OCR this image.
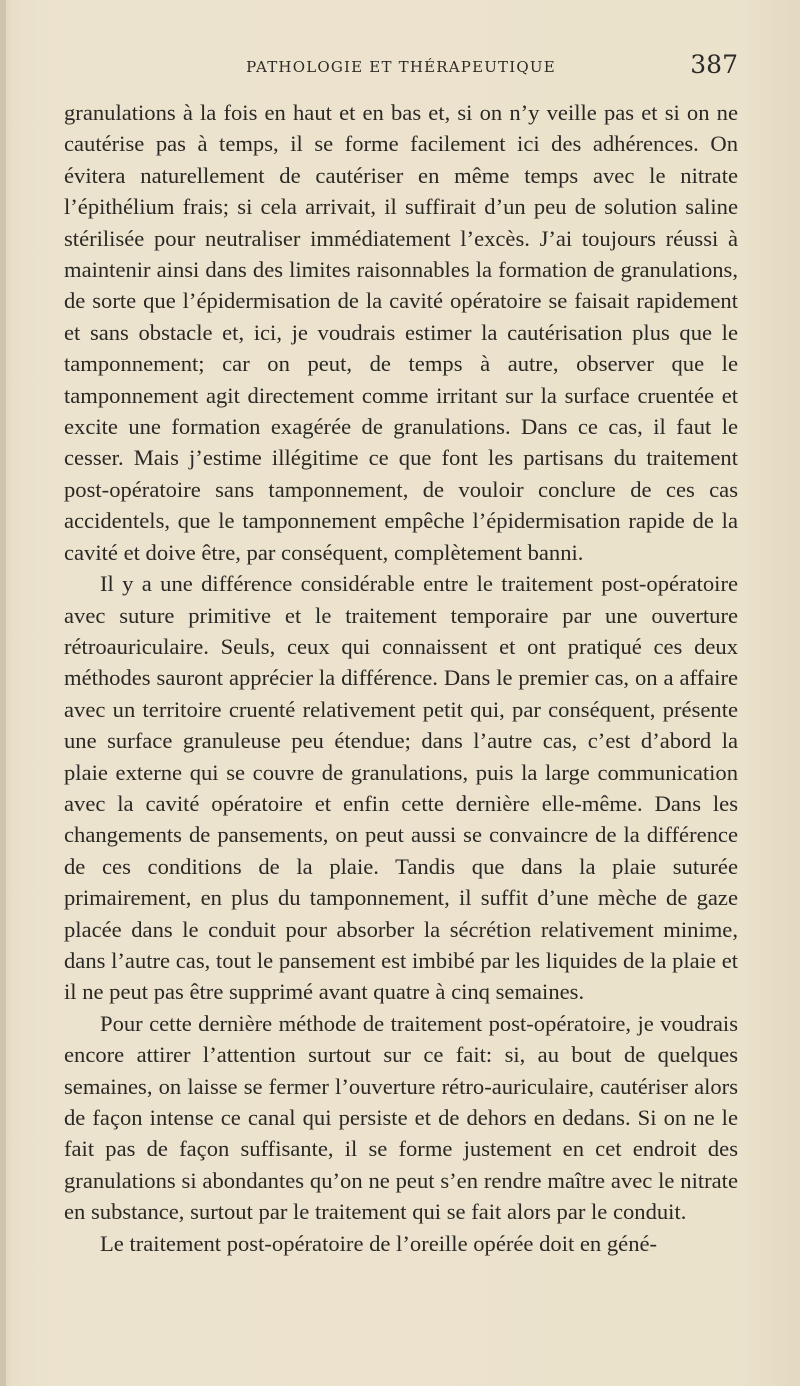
PATHOLOGIE ET THÉRAPEUTIQUE	387

granulations à la fois en haut et en bas et, si on n’y veille pas et si on ne cautérise pas à temps, il se forme facilement ici des adhérences. On évitera naturellement de cautériser en même temps avec le nitrate l’épithélium frais; si cela arrivait, il suffirait d’un peu de solution saline stérilisée pour neutraliser immédiatement l’excès. J’ai toujours réussi à maintenir ainsi dans des limites raisonnables la formation de granulations, de sorte que l’épidermisation de la cavité opératoire se faisait rapidement et sans obstacle et, ici, je voudrais estimer la cautérisation plus que le tamponnement; car on peut, de temps à autre, observer que le tamponnement agit directement comme irritant sur la surface cruentée et excite une formation exagérée de granulations. Dans ce cas, il faut le cesser. Mais j’estime illégitime ce que font les partisans du traitement post-opératoire sans tamponnement, de vouloir conclure de ces cas accidentels, que le tamponnement empêche l’épidermisation rapide de la cavité et doive être, par conséquent, complètement banni.

Il y a une différence considérable entre le traitement post-opératoire avec suture primitive et le traitement temporaire par une ouverture rétroauriculaire. Seuls, ceux qui connaissent et ont pratiqué ces deux méthodes sauront apprécier la différence. Dans le premier cas, on a affaire avec un territoire cruenté relativement petit qui, par conséquent, présente une surface granuleuse peu étendue; dans l’autre cas, c’est d’abord la plaie externe qui se couvre de granulations, puis la large communication avec la cavité opératoire et enfin cette dernière elle-même. Dans les changements de pansements, on peut aussi se convaincre de la différence de ces conditions de la plaie. Tandis que dans la plaie suturée primairement, en plus du tamponnement, il suffit d’une mèche de gaze placée dans le conduit pour absorber la sécrétion relativement minime, dans l’autre cas, tout le pansement est imbibé par les liquides de la plaie et il ne peut pas être supprimé avant quatre à cinq semaines.

Pour cette dernière méthode de traitement post-opératoire, je voudrais encore attirer l’attention surtout sur ce fait: si, au bout de quelques semaines, on laisse se fermer l’ouverture rétro-auriculaire, cautériser alors de façon intense ce canal qui persiste et de dehors en dedans. Si on ne le fait pas de façon suffisante, il se forme justement en cet endroit des granulations si abondantes qu’on ne peut s’en rendre maître avec le nitrate en substance, surtout par le traitement qui se fait alors par le conduit.

Le traitement post-opératoire de l’oreille opérée doit en géné-
